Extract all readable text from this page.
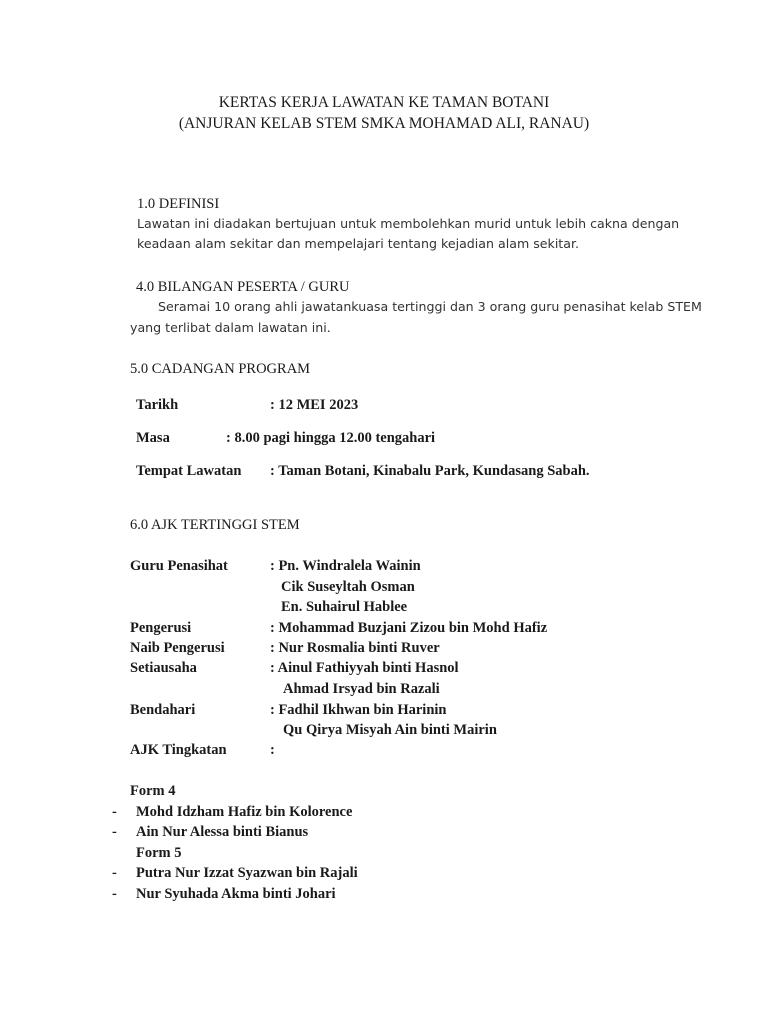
KERTAS KERJA LAWATAN KE TAMAN BOTANI
(ANJURAN KELAB STEM SMKA MOHAMAD ALI, RANAU)
1.0 DEFINISI
Lawatan ini diadakan bertujuan untuk membolehkan murid untuk lebih cakna dengan
keadaan alam sekitar dan mempelajari tentang kejadian alam sekitar.
4.0 BILANGAN PESERTA / GURU
Seramai 10 orang ahli jawatankuasa tertinggi dan 3 orang guru penasihat kelab STEM
yang terlibat dalam lawatan ini.
5.0 CADANGAN PROGRAM
Tarikh	: 12 MEI 2023
Masa	: 8.00 pagi hingga 12.00 tengahari
Tempat Lawatan : Taman Botani, Kinabalu Park, Kundasang Sabah.
6.0 AJK TERTINGGI STEM
Guru Penasihat	: Pn. Windralela Wainin
Cik Suseyltah Osman
En. Suhairul Hablee
Pengerusi	: Mohammad Buzjani Zizou bin Mohd Hafiz
Naib Pengerusi	: Nur Rosmalia binti Ruver
Setiausaha	: Ainul Fathiyyah binti Hasnol
Ahmad Irsyad bin Razali
Bendahari	: Fadhil Ikhwan bin Harinin
Qu Qirya Misyah Ain binti Mairin
AJK Tingkatan	:
Form 4
- Mohd Idzham Hafiz bin Kolorence
- Ain Nur Alessa binti Bianus
Form 5
- Putra Nur Izzat Syazwan bin Rajali
- Nur Syuhada Akma binti Johari
